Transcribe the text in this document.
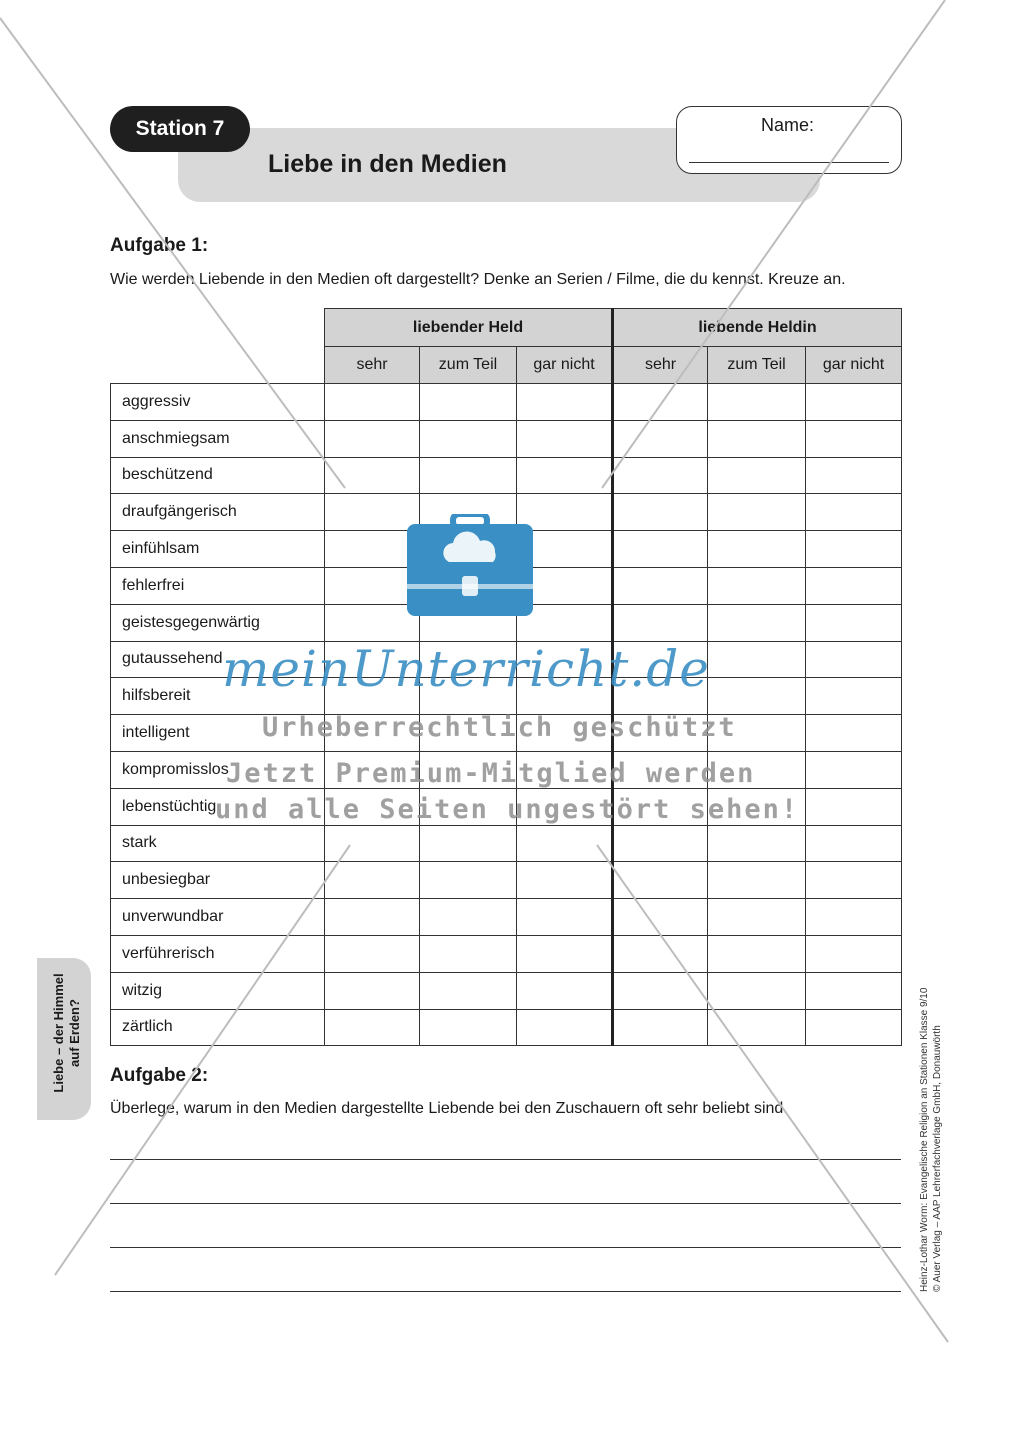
Station 7
Liebe in den Medien
Name:
Aufgabe 1:
Wie werden Liebende in den Medien oft dargestellt? Denke an Serien / Filme, die du kennst. Kreuze an.
	liebender Held			liebende Heldin		
	sehr	zum Teil	gar nicht	sehr	zum Teil	gar nicht
aggressiv						
anschmiegsam						
beschützend						
draufgängerisch						
einfühlsam						
fehlerfrei						
geistesgegenwärtig						
gutaussehend						
hilfsbereit						
intelligent						
kompromisslos						
lebenstüchtig						
stark						
unbesiegbar						
unverwundbar						
verführerisch						
witzig						
zärtlich						
Aufgabe 2:
Überlege, warum in den Medien dargestellte Liebende bei den Zuschauern oft sehr beliebt sind.
Liebe – der Himmel auf Erden?	Heinz-Lothar Worm: Evangelische Religion an Stationen Klasse 9/10 © Auer Verlag – AAP Lehrerfachverlage GmbH, Donauwörth
meinUnterricht.de
Urheberrechtlich geschützt
Jetzt Premium-Mitglied werden
und alle Seiten ungestört sehen!
